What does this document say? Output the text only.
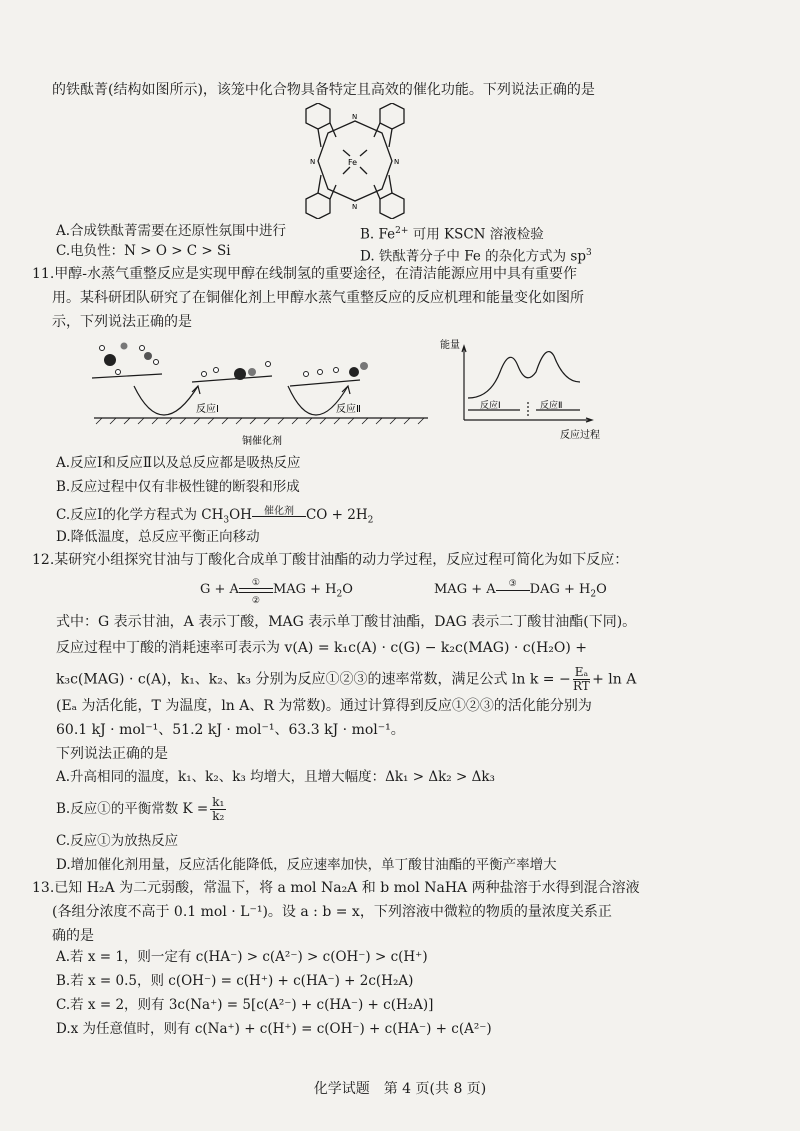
的铁酞菁(结构如图所示)，该笼中化合物具备特定且高效的催化功能。下列说法正确的是
Fe
N
N
N	N
A.合成铁酞菁需要在还原性氛围中进行	B. $Fe^{2+}$ 可用 KSCN 溶液检验
C.电负性：N > O > C > Si	D. 铁酞菁分子中 Fe 的杂化方式为 $sp^3$
11.甲醇-水蒸气重整反应是实现甲醇在线制氢的重要途径，在清洁能源应用中具有重要作
用。某科研团队研究了在铜催化剂上甲醇水蒸气重整反应的反应机理和能量变化如图所
示，下列说法正确的是
反应Ⅰ	反应Ⅱ
铜催化剂
能量
反应Ⅰ	反应Ⅱ
反应过程
A.反应Ⅰ和反应Ⅱ以及总反应都是吸热反应
B.反应过程中仅有非极性键的断裂和形成
C.反应Ⅰ的化学方程式为 $CH_3OH$	催化剂 CO + $2H_2$
D.降低温度，总反应平衡正向移动
12.某研究小组探究甘油与丁酸化合成单丁酸甘油酯的动力学过程，反应过程可简化为如下反应：
G + A	①
②
MAG + $H_2O$	MAG + A	③ DAG + $H_2O$
式中：G 表示甘油，A 表示丁酸，MAG 表示单丁酸甘油酯，DAG 表示二丁酸甘油酯(下同)。
反应过程中丁酸的消耗速率可表示为 v(A) = k₁c(A) · c(G) − k₂c(MAG) · c(H₂O) +
k₃c(MAG) · c(A)，k₁、k₂、k₃ 分别为反应①②③的速率常数，满足公式 ln k = − $\frac{\text{Eₐ}}{RT} + \ln A$
(Eₐ 为活化能，T 为温度，ln A、R 为常数)。通过计算得到反应①②③的活化能分别为
60.1 kJ · mol⁻¹、51.2 kJ · mol⁻¹、63.3 kJ · mol⁻¹。
下列说法正确的是
A.升高相同的温度，k₁、k₂、k₃ 均增大，且增大幅度：Δk₁ > Δk₂ > Δk₃
B.反应①的平衡常数 $K = \frac{\text{k₁}}{\text{k₂}}$
C.反应①为放热反应
D.增加催化剂用量，反应活化能降低，反应速率加快，单丁酸甘油酯的平衡产率增大
13.已知 H₂A 为二元弱酸，常温下，将 a mol Na₂A 和 b mol NaHA 两种盐溶于水得到混合溶液
(各组分浓度不高于 0.1 mol · L⁻¹)。设 a : b = x，下列溶液中微粒的物质的量浓度关系正
确的是
A.若 x = 1，则一定有 c(HA⁻) > c(A²⁻) > c(OH⁻) > c(H⁺)
B.若 x = 0.5，则 c(OH⁻) = c(H⁺) + c(HA⁻) + 2c(H₂A)
C.若 x = 2，则有 3c(Na⁺) = 5[c(A²⁻) + c(HA⁻) + c(H₂A)]
D.x 为任意值时，则有 c(Na⁺) + c(H⁺) = c(OH⁻) + c(HA⁻) + c(A²⁻)
化学试题　第 4 页(共 8 页)
